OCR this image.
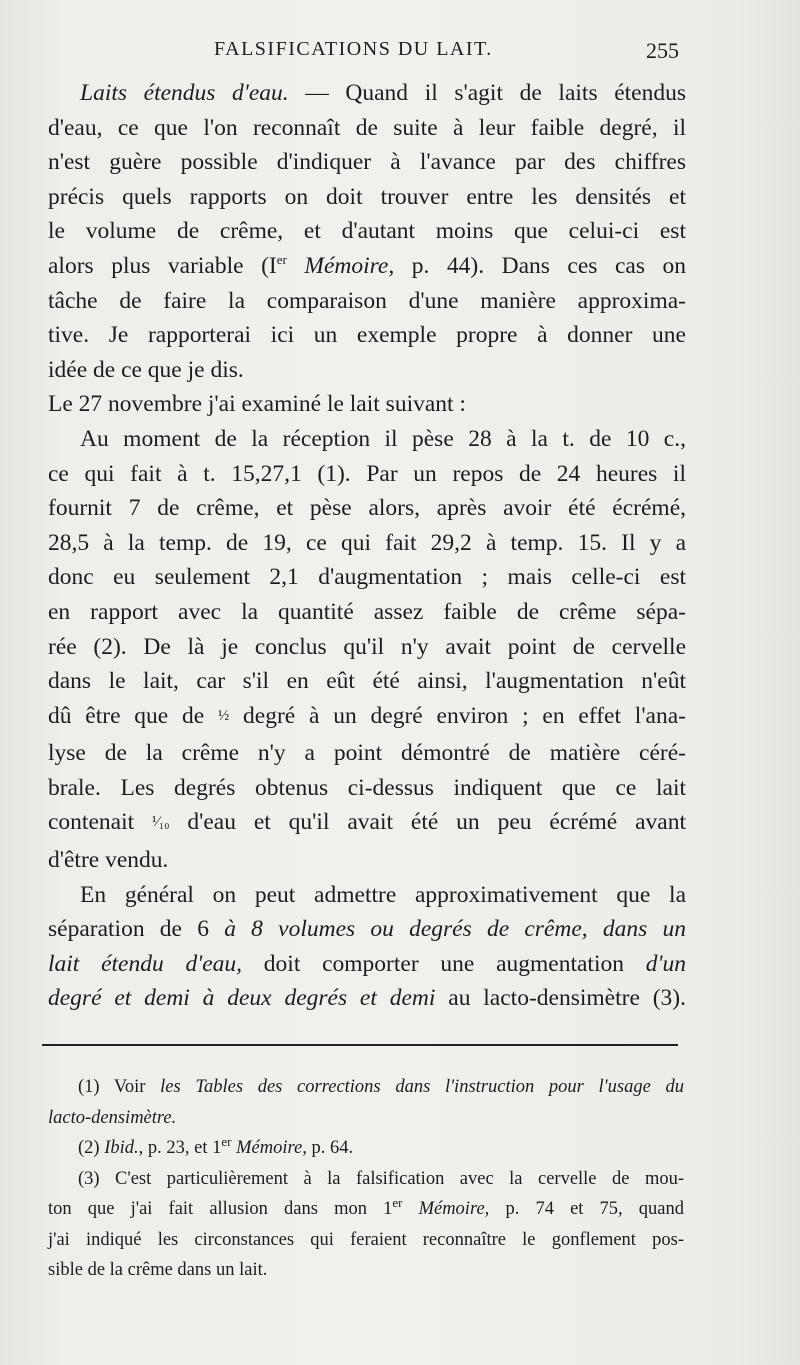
FALSIFICATIONS DU LAIT.	255
Laits étendus d'eau. — Quand il s'agit de laits étendus
d'eau, ce que l'on reconnaît de suite à leur faible degré, il
n'est guère possible d'indiquer à l'avance par des chiffres
précis quels rapports on doit trouver entre les densités et
le volume de crême, et d'autant moins que celui-ci est
alors plus variable (Ier Mémoire, p. 44). Dans ces cas on
tâche de faire la comparaison d'une manière approxima-
tive. Je rapporterai ici un exemple propre à donner une
idée de ce que je dis.
Le 27 novembre j'ai examiné le lait suivant :
Au moment de la réception il pèse 28 à la t. de 10 c.,
ce qui fait à t. 15,27,1 (1). Par un repos de 24 heures il
fournit 7 de crême, et pèse alors, après avoir été écrémé,
28,5 à la temp. de 19, ce qui fait 29,2 à temp. 15. Il y a
donc eu seulement 2,1 d'augmentation ; mais celle-ci est
en rapport avec la quantité assez faible de crême sépa-
rée (2). De là je conclus qu'il n'y avait point de cervelle
dans le lait, car s'il en eût été ainsi, l'augmentation n'eût
dû être que de ½ degré à un degré environ ; en effet l'ana-
lyse de la crême n'y a point démontré de matière céré-
brale. Les degrés obtenus ci-dessus indiquent que ce lait
contenait ¹⁄₁₀ d'eau et qu'il avait été un peu écrémé avant
d'être vendu.
En général on peut admettre approximativement que la
séparation de 6 à 8 volumes ou degrés de crême, dans un
lait étendu d'eau, doit comporter une augmentation d'un
degré et demi à deux degrés et demi au lacto-densimètre (3).
(1) Voir les Tables des corrections dans l'instruction pour l'usage du
lacto-densimètre.
(2) Ibid., p. 23, et 1er Mémoire, p. 64.
(3) C'est particulièrement à la falsification avec la cervelle de mou-
ton que j'ai fait allusion dans mon 1er Mémoire, p. 74 et 75, quand
j'ai indiqué les circonstances qui feraient reconnaître le gonflement pos-
sible de la crême dans un lait.
